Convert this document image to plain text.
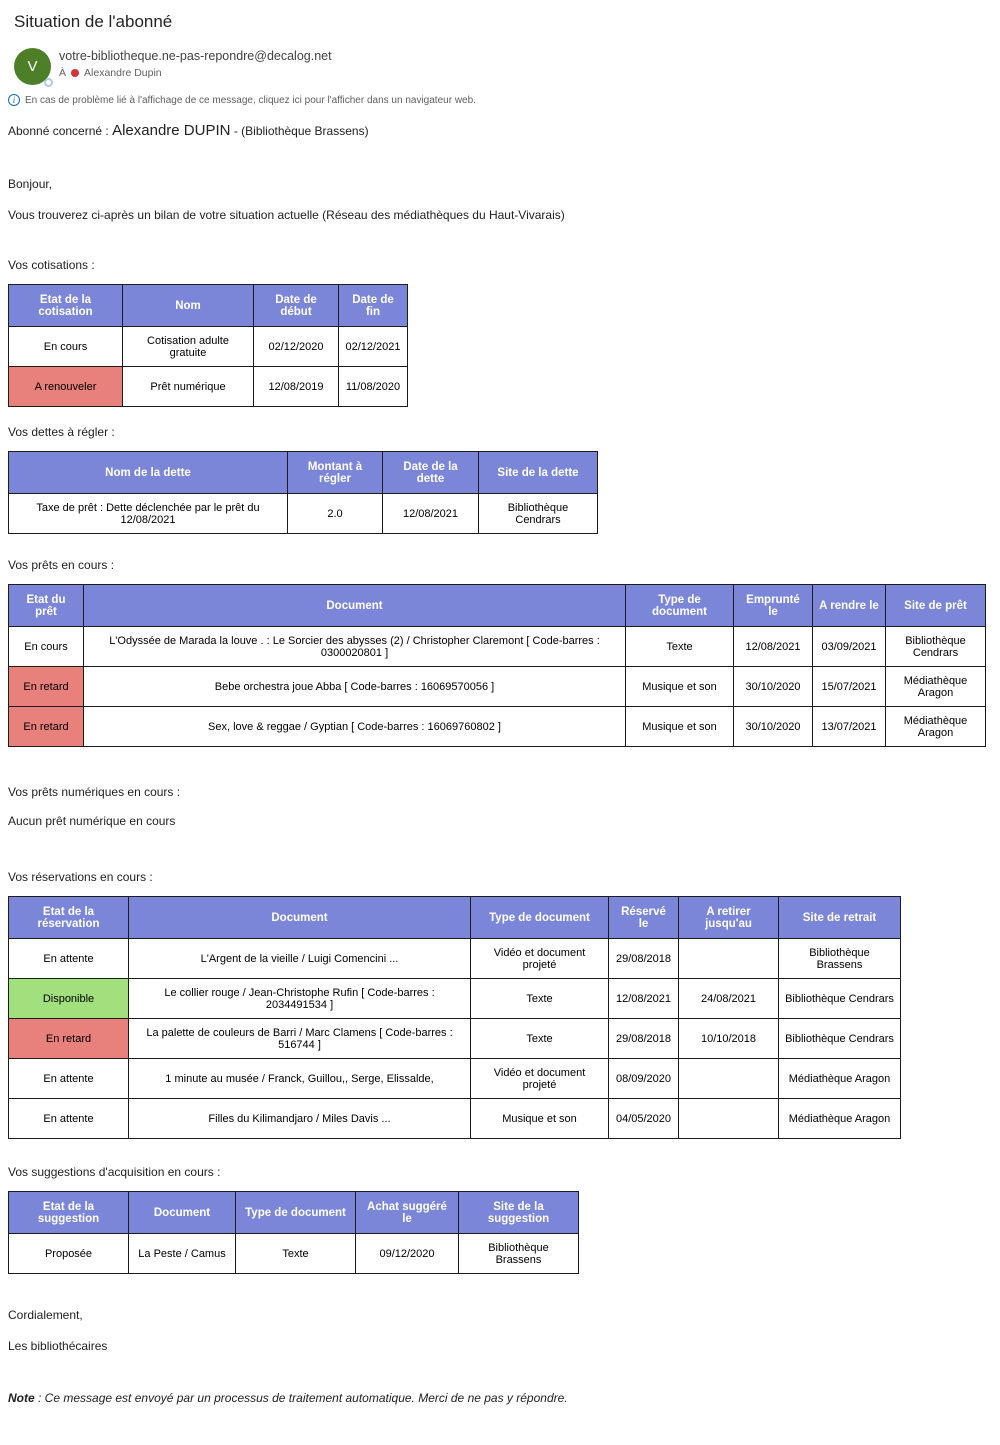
Situation de l'abonné
V
votre-bibliotheque.ne-pas-repondre@decalog.net
À Alexandre Dupin
i En cas de problème lié à l'affichage de ce message, cliquez ici pour l'afficher dans un navigateur web.
Abonné concerné : Alexandre DUPIN - (Bibliothèque Brassens)

Bonjour,

Vous trouverez ci-après un bilan de votre situation actuelle (Réseau des médiathèques du Haut-Vivarais)

Vos cotisations :

Etat de la cotisation	Nom	Date de début	Date de fin
En cours	Cotisation adulte gratuite	02/12/2020	02/12/2021
A renouveler	Prêt numérique	12/08/2019	11/08/2020

Vos dettes à régler :

Nom de la dette	Montant à régler	Date de la dette	Site de la dette
Taxe de prêt : Dette déclenchée par le prêt du 12/08/2021	2.0	12/08/2021	Bibliothèque Cendrars

Vos prêts en cours :

Etat du prêt	Document	Type de document	Emprunté le	A rendre le	Site de prêt
En cours	L'Odyssée de Marada la louve . : Le Sorcier des abysses (2) / Christopher Claremont [ Code-barres : 0300020801 ]	Texte	12/08/2021	03/09/2021	Bibliothèque Cendrars
En retard	Bebe orchestra joue Abba [ Code-barres : 16069570056 ]	Musique et son	30/10/2020	15/07/2021	Médiathèque Aragon
En retard	Sex, love & reggae / Gyptian [ Code-barres : 16069760802 ]	Musique et son	30/10/2020	13/07/2021	Médiathèque Aragon

Vos prêts numériques en cours :

Aucun prêt numérique en cours

Vos réservations en cours :

Etat de la réservation	Document	Type de document	Réservé le	A retirer jusqu'au	Site de retrait
En attente	L'Argent de la vieille / Luigi Comencini ...	Vidéo et document projeté	29/08/2018		Bibliothèque Brassens
Disponible	Le collier rouge / Jean-Christophe Rufin [ Code-barres : 2034491534 ]	Texte	12/08/2021	24/08/2021	Bibliothèque Cendrars
En retard	La palette de couleurs de Barri / Marc Clamens [ Code-barres : 516744 ]	Texte	29/08/2018	10/10/2018	Bibliothèque Cendrars
En attente	1 minute au musée / Franck, Guillou,, Serge, Elissalde,	Vidéo et document projeté	08/09/2020		Médiathèque Aragon
En attente	Filles du Kilimandjaro / Miles Davis ...	Musique et son	04/05/2020		Médiathèque Aragon

Vos suggestions d'acquisition en cours :

Etat de la suggestion	Document	Type de document	Achat suggéré le	Site de la suggestion
Proposée	La Peste / Camus	Texte	09/12/2020	Bibliothèque Brassens

Cordialement,

Les bibliothécaires

Note : Ce message est envoyé par un processus de traitement automatique. Merci de ne pas y répondre.
